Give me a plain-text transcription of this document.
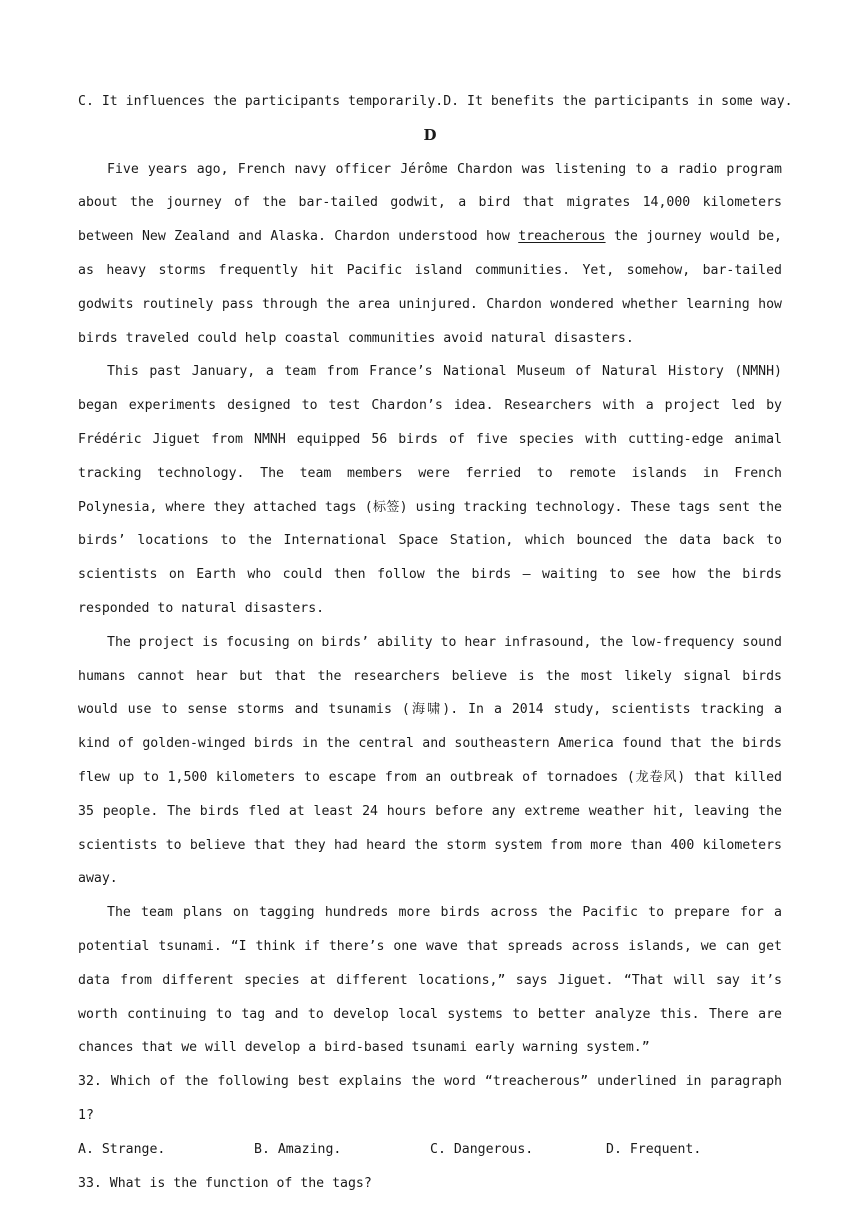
C. It influences the participants temporarily.D. It benefits the participants in some way.

D

Five years ago, French navy officer Jérôme Chardon was listening to a radio program about the journey of the bar-tailed godwit, a bird that migrates 14,000 kilometers between New Zealand and Alaska. Chardon understood how treacherous the journey would be, as heavy storms frequently hit Pacific island communities. Yet, somehow, bar-tailed godwits routinely pass through the area uninjured. Chardon wondered whether learning how birds traveled could help coastal communities avoid natural disasters.

This past January, a team from France’s National Museum of Natural History (NMNH) began experiments designed to test Chardon’s idea. Researchers with a project led by Frédéric Jiguet from NMNH equipped 56 birds of five species with cutting-edge animal tracking technology. The team members were ferried to remote islands in French Polynesia, where they attached tags (标签) using tracking technology. These tags sent the birds’ locations to the International Space Station, which bounced the data back to scientists on Earth who could then follow the birds — waiting to see how the birds responded to natural disasters.

The project is focusing on birds’ ability to hear infrasound, the low-frequency sound humans cannot hear but that the researchers believe is the most likely signal birds would use to sense storms and tsunamis (海啸). In a 2014 study, scientists tracking a kind of golden-winged birds in the central and southeastern America found that the birds flew up to 1,500 kilometers to escape from an outbreak of tornadoes (龙卷风) that killed 35 people. The birds fled at least 24 hours before any extreme weather hit, leaving the scientists to believe that they had heard the storm system from more than 400 kilometers away.

The team plans on tagging hundreds more birds across the Pacific to prepare for a potential tsunami. “I think if there’s one wave that spreads across islands, we can get data from different species at different locations,” says Jiguet. “That will say it’s worth continuing to tag and to develop local systems to better analyze this. There are chances that we will develop a bird-based tsunami early warning system.”

32. Which of the following best explains the word “treacherous” underlined in paragraph 1?

A. Strange.	B. Amazing.	C. Dangerous.	D. Frequent.

33. What is the function of the tags?
